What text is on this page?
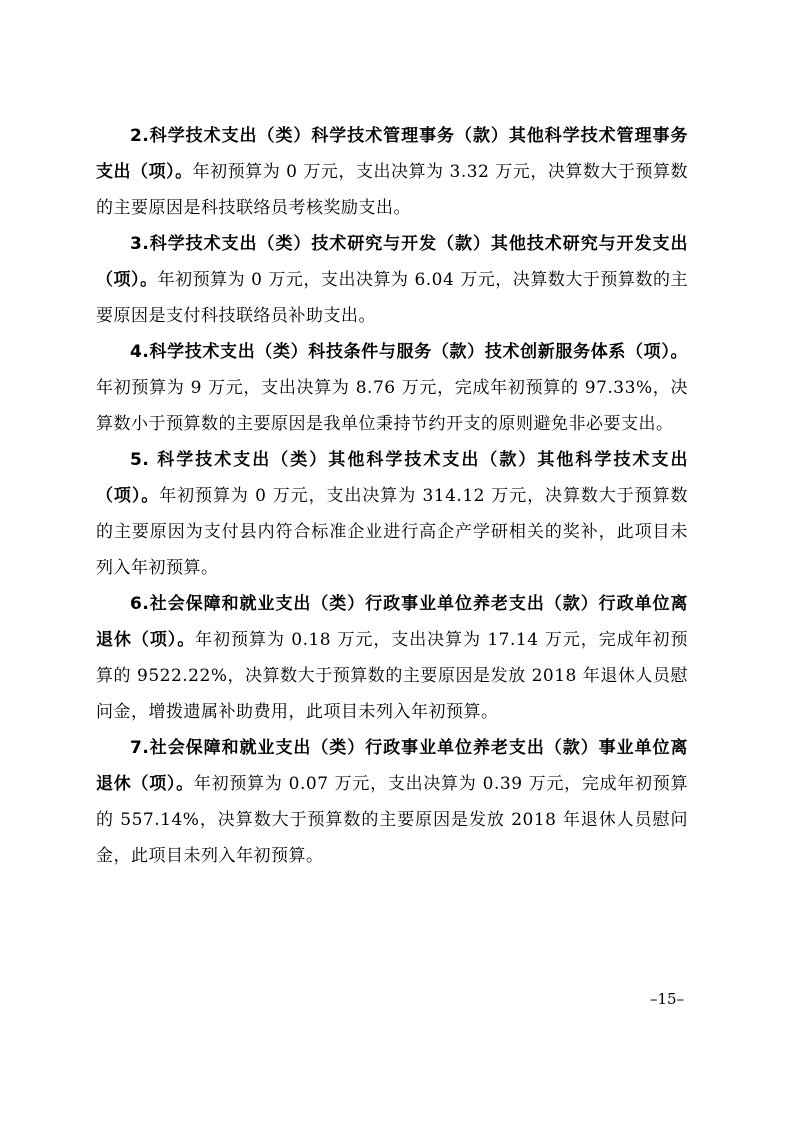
2.科学技术支出（类）科学技术管理事务（款）其他科学技术管理事务支出（项）。年初预算为 0 万元，支出决算为 3.32 万元，决算数大于预算数的主要原因是科技联络员考核奖励支出。

3.科学技术支出（类）技术研究与开发（款）其他技术研究与开发支出（项）。年初预算为 0 万元，支出决算为 6.04 万元，决算数大于预算数的主要原因是支付科技联络员补助支出。

4.科学技术支出（类）科技条件与服务（款）技术创新服务体系（项）。年初预算为 9 万元，支出决算为 8.76 万元，完成年初预算的 97.33%，决算数小于预算数的主要原因是我单位秉持节约开支的原则避免非必要支出。

5. 科学技术支出（类）其他科学技术支出（款）其他科学技术支出（项）。年初预算为 0 万元，支出决算为 314.12 万元，决算数大于预算数的主要原因为支付县内符合标准企业进行高企产学研相关的奖补，此项目未列入年初预算。

6.社会保障和就业支出（类）行政事业单位养老支出（款）行政单位离退休（项）。年初预算为 0.18 万元，支出决算为 17.14 万元，完成年初预算的 9522.22%，决算数大于预算数的主要原因是发放 2018 年退休人员慰问金，增拨遗属补助费用，此项目未列入年初预算。

7.社会保障和就业支出（类）行政事业单位养老支出（款）事业单位离退休（项）。年初预算为 0.07 万元，支出决算为 0.39 万元，完成年初预算的 557.14%，决算数大于预算数的主要原因是发放 2018 年退休人员慰问金，此项目未列入年初预算。

–15–
